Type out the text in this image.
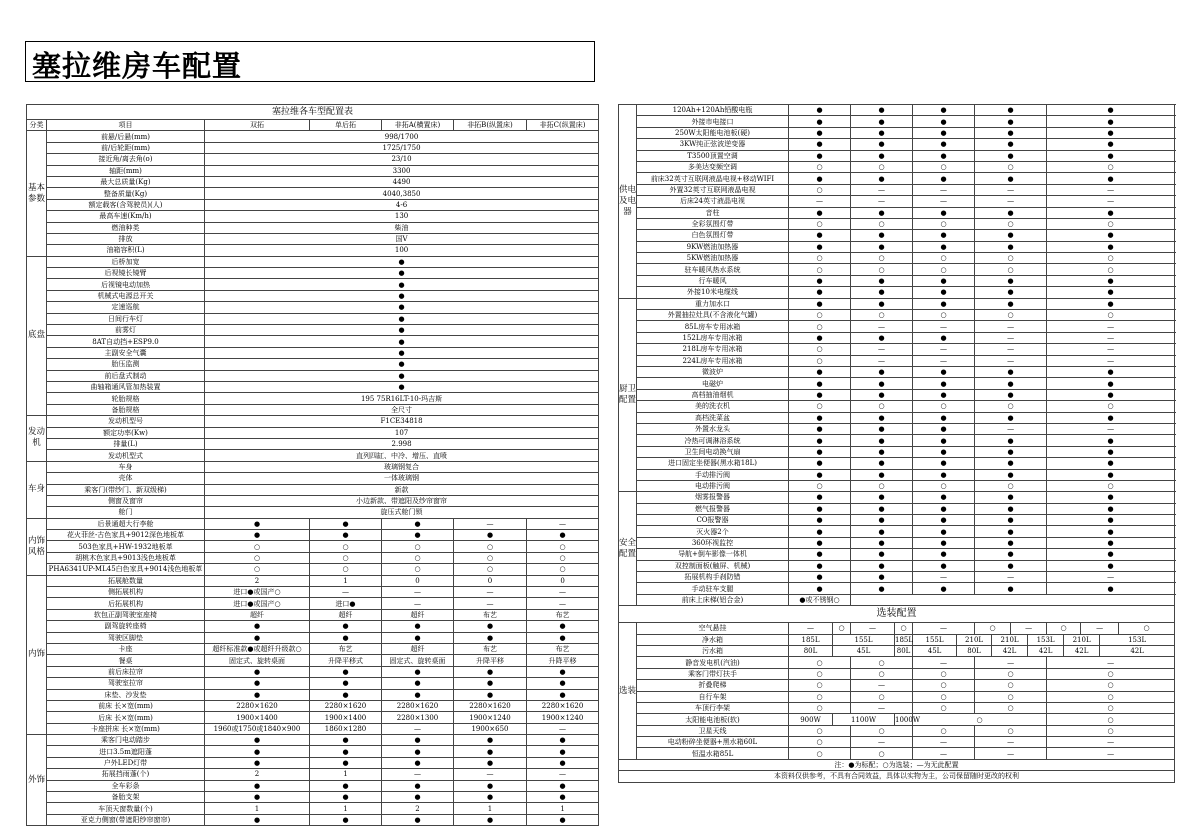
塞拉维房车配置
塞拉维各车型配置表						
分类	项目	双拓	单后拓	非拓A(横置床)	非拓B(纵置床)	非拓C(纵置床)
基本参数	前悬/后悬(mm)	998/1700				
	前/后轮距(mm)	1725/1750				
	接近角/离去角(o)	23/10				
	轴距(mm)	3300				
	最大总质量(Kg)	4490				
	整备质量(Kg)	4040,3850				
	额定载客(含驾驶员)(人)	4-6				
	最高车速(Km/h)	130				
	燃油种类	柴油				
	排放	国V				
	油箱容积(L)	100				
底盘	后桥加宽	●				
	后视镜长镜臂	●				
	后视镜电动加热	●				
	机械式电源总开关	●				
	定速巡航	●				
	日间行车灯	●				
	前雾灯	●				
	8AT自动挡+ESP9.0	●				
	主副安全气囊	●				
	胎压监测	●				
	前后盘式制动	●				
	曲轴箱通风管加热装置	●				
	轮胎规格	195 75R16LT-10-玛吉斯				
	备胎规格	全尺寸				
发动机	发动机型号	F1CE34818				
	额定功率(Kw)	107				
	排量(L)	2.998				
	发动机型式	直列四缸、中冷、增压、直喷				
车身	车身	玻璃钢复合				
	壳体	一体玻璃钢				
	乘客门(带纱门、新双级梯)	新款				
	侧窗及窗帘	小边新款、带遮阳及纱帘窗帘				
	舱门	旋压式舱门锁				
内饰风格	后景通超大行李舱	●	●	●	—	—
	花火菲丝-古色家具+9012深色地板革	●	●	●	●	●
	503色家具+HW-1932地板革	○	○	○	○	○
	胡桃木色家具+9013浅色地板革	○	○	○	○	○
	PHA6341UP-ML45白色家具+9014浅色地板革	○	○	○	○	○
内饰	拓展舱数量	2	1	0	0	0
	侧拓展机构	进口●或国产○	—	—	—	—
	后拓展机构	进口●或国产○	进口●	—	—	—
	软包正副驾驶室座椅	超纤	超纤	超纤	布艺	布艺
	副驾旋转座椅	●	●	●	●	●
	驾驶区脚垫	●	●	●	●	●
	卡座	超纤标准款●或超纤升级款○	布艺	超纤	布艺	布艺
	餐桌	固定式、旋转桌面	升降平移式	固定式、旋转桌面	升降平移	升降平移
	前后床拉帘	●	●	●	●	●
	驾驶室拉帘	●	●	●	●	●
	床垫、沙发垫	●	●	●	●	●
	前床 长×宽(mm)	2280×1620	2280×1620	2280×1620	2280×1620	2280×1620
	后床 长×宽(mm)	1900×1400	1900×1400	2280×1300	1900×1240	1900×1240
	卡座拼床 长×宽(mm)	1960或1750或1840×900	1860×1280	—	1900×650	—
外饰	乘客门电动踏步	●	●	●	●	●
	进口3.5m遮阳蓬	●	●	●	●	●
	户外LED灯带	●	●	●	●	●
	拓展挡雨蓬(个)	2	1	—	—	—
	全车彩条	●	●	●	●	●
	备胎支架	●	●	●	●	●
	车顶天窗数量(个)	1	1	2	1	1
	亚克力侧窗(带遮阳纱帘窗帘)	●	●	●	●	●
供电及电器	120Ah+120Ah铅酸电瓶	●		●		●		●				●					
	外接市电接口	●		●		●		●				●					
	250W太阳能电池板(硬)	●		●		●		●				●					
	3KW纯正弦波逆变器	●		●		●		●				●					
	T3500顶置空调	●		●		●		●				●					
	多美达变频空调	○		○		○		○				○					
	前床32英寸互联网液晶电视+移动WIFI	●		●		●		●				●					
	外置32英寸互联网液晶电视	○		—		—		—				—					
	后床24英寸液晶电视	—		—		—		—				—					
	音柱	●		●		●		●				●					
	全彩氛围灯带	○		○		○		○				○					
	白色氛围灯带	●		●		●		●				●					
	9KW燃油加热器	●		●		●		●				●					
	5KW燃油加热器	○		○		○		○				○					
	驻车暖风热水系统	○		○		○		○				○					
	行车暖风	●		●		●		●				●					
	外接10米电缆线	●		●		●		●				●					
厨卫配置	重力加水口	●		●		●		●				●					
	外置抽拉灶具(不含液化气罐)	○		○		○		○				○					
	85L房车专用冰箱	○		—		—		—				—					
	152L房车专用冰箱	●		●		●		—				—					
	218L房车专用冰箱	○		—		—		—				—					
	224L房车专用冰箱	○		—		—		—				—					
	微波炉	●		●		●		●				●					
	电磁炉	●		●		●		●				●					
	高档抽油烟机	●		●		●		●				●					
	美的洗衣机	○		○		○		○				○					
	高档洗菜盆	●		●		●		●				●					
	外置水龙头	●		●		●		—				—					
	冷热可调淋浴系统	●		●		●		●				●					
	卫生间电动换气扇	●		●		●		●				●					
	进口固定坐便器(黑水箱18L)	●		●		●		●				●					
	手动排污阀	●		●		●		●				●					
	电动排污阀	○		○		○		○				○					
安全配置	烟雾报警器	●		●		●		●				●					
	燃气报警器	●		●		●		●				●					
	CO报警器	●		●		●		●				●					
	灭火器2个	●		●		●		●				●					
	360环视监控	●		●		●		●				●					
	导航+倒车影像一体机	●		●		●		●				●					
	双控制面板(触屏、机械)	●		●		●		●				●					
	拓展机构手刹防错	●		●		—		—				—					
	手动驻车支腿	●		●		●		●				●					
	前床上床梯(铝合金)	●或不锈钢○															
选装配置																	
选装	空气悬挂	—	○	—	○	—		○		—		○		—		○	
	净水箱	185L	155L		185L	155L	210L		210L		153L		210L		153L		
	污水箱	80L	45L		80L	45L	80L		42L		42L		42L		42L		
	静音发电机(汽油)	○		○		—		—				—					
	乘客门带灯扶手	○		○		○		○				○					
	折叠爬梯	○		—		○		○				○					
	自行车架	○		○		○		○				○					
	车顶行李架	○		—		○		○				○					
	太阳能电池板(软)	900W	1100W		1000W	○						○					
	卫星天线	○		○		○		○				○					
	电动粉碎坐便器+黑水箱60L	○		—		—		—				—					
	恒温水箱85L	○		○		—		—				—					
注：●为标配；○为选装；—为无此配置																	
本资料仅供参考，不具有合同效益，具体以实物为主，公司保留随时更改的权利																	
